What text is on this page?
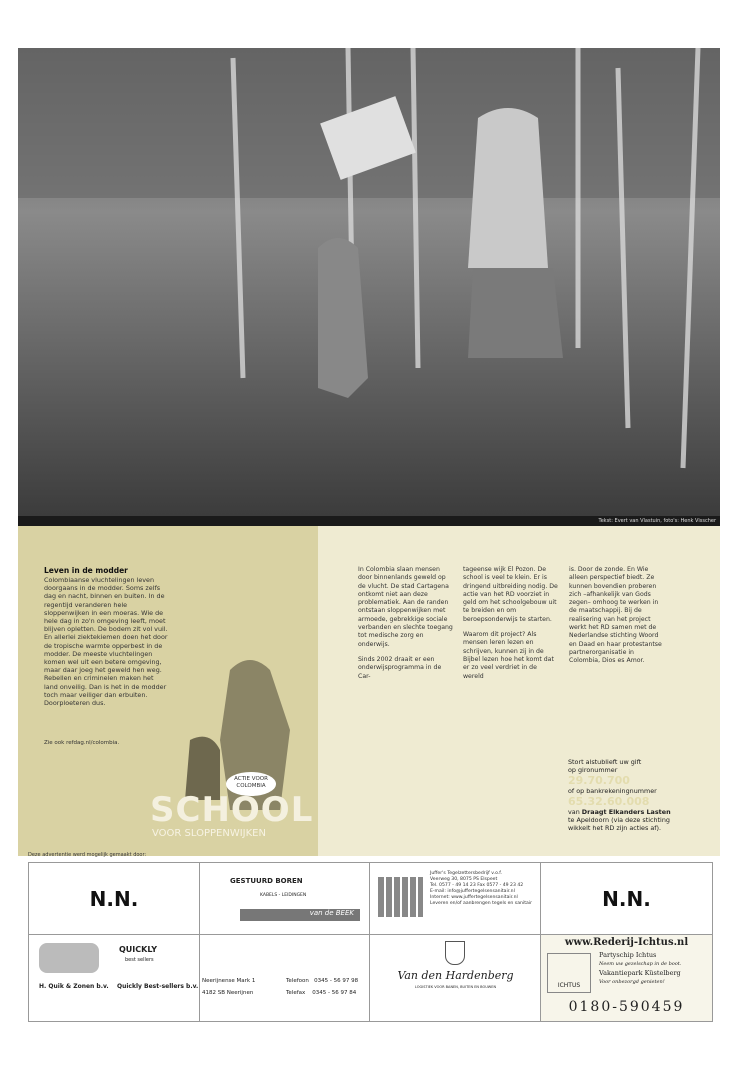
Tekst: Evert van Vlastuin, foto's: Henk Visscher
Leven in de modder
Colombiaanse vluchtelingen leven doorgaans in de modder. Soms zelfs dag en nacht, binnen en buiten. In de regentijd veranderen hele sloppenwijken in een moeras. Wie de hele dag in zo'n omgeving leeft, moet blijven opletten. De bodem zit vol vuil. En allerlei ziektekiemen doen het door de tropische warmte opperbest in de modder. De meeste vluchtelingen komen wel uit een betere omgeving, maar daar joeg het geweld hen weg. Rebellen en criminelen maken het land onveilig. Dan is het in de modder toch maar veiliger dan erbuiten. Doorploeteren dus.
Zie ook refdag.nl/colombia.
ACTIE VOOR COLOMBIA
SCHOOL
VOOR SLOPPENWIJKEN

In Colombia slaan mensen door binnenlands geweld op de vlucht. De stad Cartagena ontkomt niet aan deze problematiek. Aan de randen ontstaan sloppenwijken met armoede, gebrekkige sociale verbanden en slechte toegang tot medische zorg en onderwijs.

Sinds 2002 draait er een onderwijsprogramma in de Car-

tageense wijk El Pozon. De school is veel te klein. Er is dringend uitbreiding nodig. De actie van het RD voorziet in geld om het schoolgebouw uit te breiden en om beroepsonderwijs te starten.

Waarom dit project? Als mensen leren lezen en schrijven, kunnen zij in de Bijbel lezen hoe het komt dat er zo veel verdriet in de wereld

is. Door de zonde. En Wie alleen perspectief biedt. Ze kunnen bovendien proberen zich –afhankelijk van Gods zegen– omhoog te werken in de maatschappij. Bij de realisering van het project werkt het RD samen met de Nederlandse stichting Woord en Daad en haar protestantse partnerorganisatie in Colombia, Dios es Amor.

Stort alstublieft uw gift
op gironummer
29.70.700
of op bankrekeningnummer
65.32.60.008
van Draagt Elkanders Lasten
te Apeldoorn (via deze stichting
wikkelt het RD zijn acties af).
Deze advertentie werd mogelijk gemaakt door:
N.N.
GESTUURD BOREN
KABELS - LEIDINGEN
van de BEEK
Juffer's Tegelzettersbedrijf v.o.f.
Veerweg 30, 8075 PS Elspeet
Tel. 0577 - 49 14 23 Fax 0577 - 49 23 42
E-mail: info@juffertegelsensanitair.nl
Internet: www.juffertegelsensanitair.nl
Leveren en/of aanbrengen tegels en sanitair	N.N.
QUICKLY
best sellers
H. Quik & Zonen b.v. Quickly Best-sellers b.v.
Neerijnense Mark 1
4182 SB Neerijnen
Telefoon 0345 - 56 97 98
Telefax 0345 - 56 97 84
Van den Hardenberg
LOGISTIEK VOOR BANEN, BUITEN EN BOUWEN
www.Rederij-Ichtus.nl
ICHTUS
Partyschip Ichtus
Neem uw gezelschap in de boot.
Vakantiepark Küstelberg
Voor onbezorgd genieten!
0180-590459
